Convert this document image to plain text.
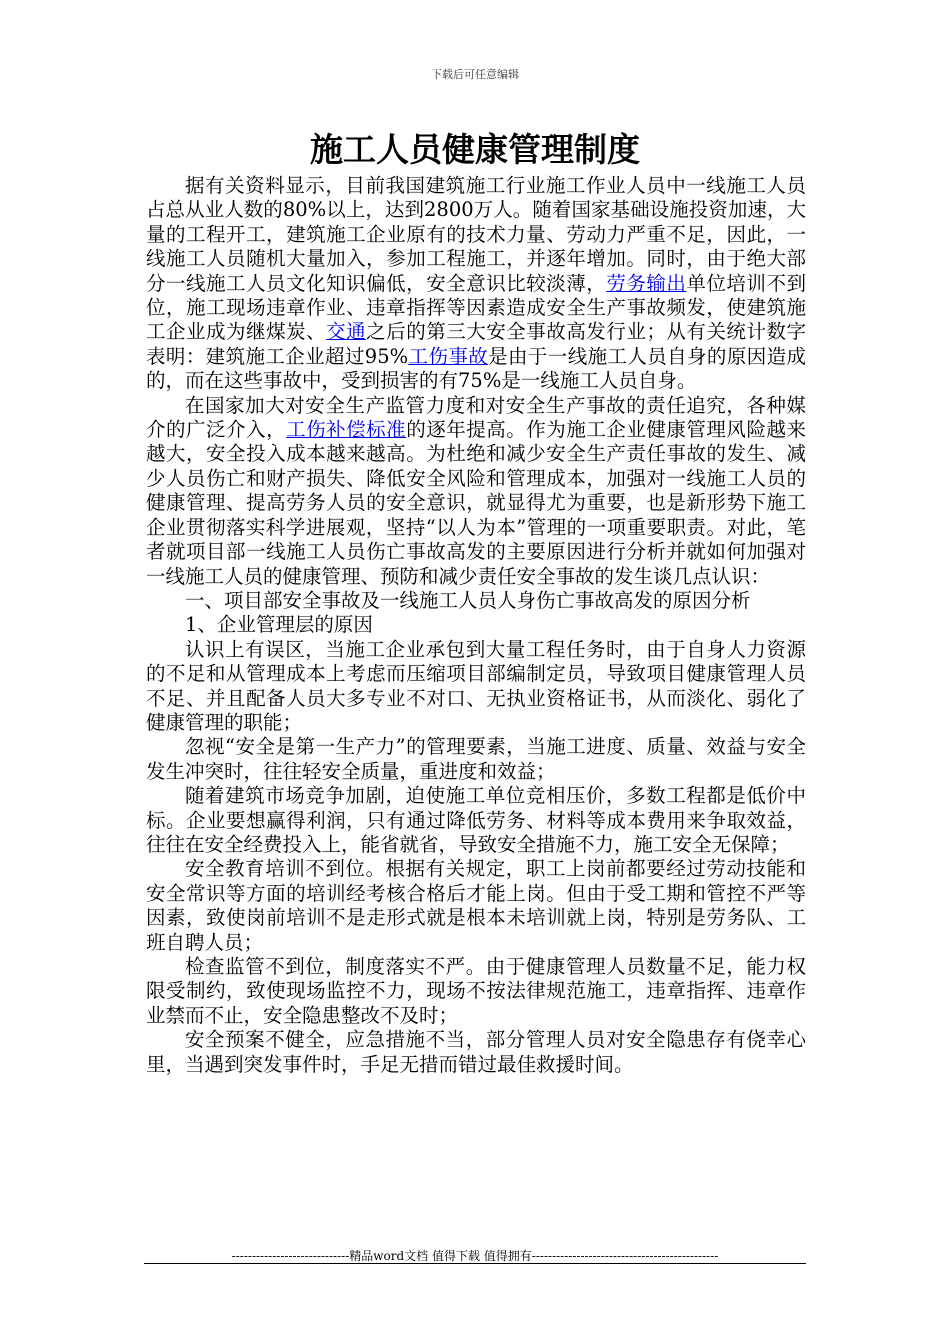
下载后可任意编辑
施工人员健康管理制度

据有关资料显示，目前我国建筑施工行业施工作业人员中一线施工人员占总从业人数的80%以上，达到2800万人。随着国家基础设施投资加速，大量的工程开工，建筑施工企业原有的技术力量、劳动力严重不足，因此，一线施工人员随机大量加入，参加工程施工，并逐年增加。同时，由于绝大部分一线施工人员文化知识偏低，安全意识比较淡薄，劳务输出单位培训不到位，施工现场违章作业、违章指挥等因素造成安全生产事故频发，使建筑施工企业成为继煤炭、交通之后的第三大安全事故高发行业；从有关统计数字表明：建筑施工企业超过95%工伤事故是由于一线施工人员自身的原因造成的，而在这些事故中，受到损害的有75%是一线施工人员自身。

在国家加大对安全生产监管力度和对安全生产事故的责任追究，各种媒介的广泛介入，工伤补偿标准的逐年提高。作为施工企业健康管理风险越来越大，安全投入成本越来越高。为杜绝和减少安全生产责任事故的发生、减少人员伤亡和财产损失、降低安全风险和管理成本，加强对一线施工人员的健康管理、提高劳务人员的安全意识，就显得尤为重要，也是新形势下施工企业贯彻落实科学进展观，坚持“以人为本”管理的一项重要职责。对此，笔者就项目部一线施工人员伤亡事故高发的主要原因进行分析并就如何加强对一线施工人员的健康管理、预防和减少责任安全事故的发生谈几点认识：

一、项目部安全事故及一线施工人员人身伤亡事故高发的原因分析

1、企业管理层的原因

认识上有误区，当施工企业承包到大量工程任务时，由于自身人力资源的不足和从管理成本上考虑而压缩项目部编制定员，导致项目健康管理人员不足、并且配备人员大多专业不对口、无执业资格证书，从而淡化、弱化了健康管理的职能；

忽视“安全是第一生产力”的管理要素，当施工进度、质量、效益与安全发生冲突时，往往轻安全质量，重进度和效益；

随着建筑市场竞争加剧，迫使施工单位竞相压价，多数工程都是低价中标。企业要想赢得利润，只有通过降低劳务、材料等成本费用来争取效益，往往在安全经费投入上，能省就省，导致安全措施不力，施工安全无保障；

安全教育培训不到位。根据有关规定，职工上岗前都要经过劳动技能和安全常识等方面的培训经考核合格后才能上岗。但由于受工期和管控不严等因素，致使岗前培训不是走形式就是根本未培训就上岗，特别是劳务队、工班自聘人员；

检查监管不到位，制度落实不严。由于健康管理人员数量不足，能力权限受制约，致使现场监控不力，现场不按法律规范施工，违章指挥、违章作业禁而不止，安全隐患整改不及时；

安全预案不健全，应急措施不当，部分管理人员对安全隐患存有侥幸心里，当遇到突发事件时，手足无措而错过最佳救援时间。

-----------------------------精品word文档 值得下载 值得拥有----------------------------------------------
